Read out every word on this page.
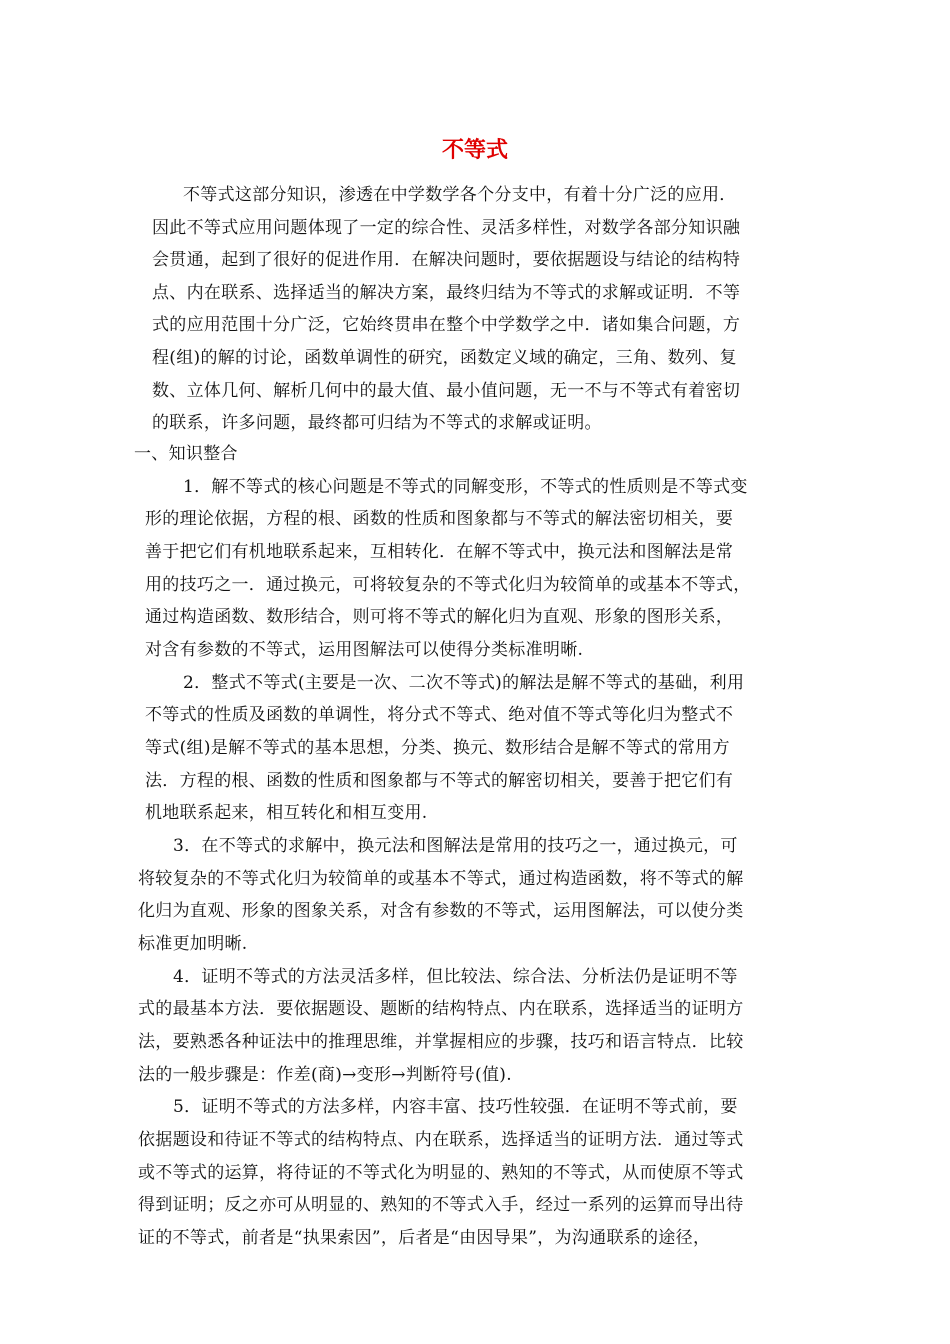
不等式
不等式这部分知识，渗透在中学数学各个分支中，有着十分广泛的应用．
因此不等式应用问题体现了一定的综合性、灵活多样性，对数学各部分知识融
会贯通，起到了很好的促进作用．在解决问题时，要依据题设与结论的结构特
点、内在联系、选择适当的解决方案，最终归结为不等式的求解或证明．不等
式的应用范围十分广泛，它始终贯串在整个中学数学之中．诸如集合问题，方
程(组)的解的讨论，函数单调性的研究，函数定义域的确定，三角、数列、复
数、立体几何、解析几何中的最大值、最小值问题，无一不与不等式有着密切
的联系，许多问题，最终都可归结为不等式的求解或证明。
一、知识整合
1．解不等式的核心问题是不等式的同解变形，不等式的性质则是不等式变
形的理论依据，方程的根、函数的性质和图象都与不等式的解法密切相关，要
善于把它们有机地联系起来，互相转化．在解不等式中，换元法和图解法是常
用的技巧之一．通过换元，可将较复杂的不等式化归为较简单的或基本不等式，
通过构造函数、数形结合，则可将不等式的解化归为直观、形象的图形关系，
对含有参数的不等式，运用图解法可以使得分类标准明晰.
2．整式不等式(主要是一次、二次不等式)的解法是解不等式的基础，利用
不等式的性质及函数的单调性，将分式不等式、绝对值不等式等化归为整式不
等式(组)是解不等式的基本思想，分类、换元、数形结合是解不等式的常用方
法．方程的根、函数的性质和图象都与不等式的解密切相关，要善于把它们有
机地联系起来，相互转化和相互变用.
3．在不等式的求解中，换元法和图解法是常用的技巧之一，通过换元，可
将较复杂的不等式化归为较简单的或基本不等式，通过构造函数，将不等式的解
化归为直观、形象的图象关系，对含有参数的不等式，运用图解法，可以使分类
标准更加明晰.
4．证明不等式的方法灵活多样，但比较法、综合法、分析法仍是证明不等
式的最基本方法．要依据题设、题断的结构特点、内在联系，选择适当的证明方
法，要熟悉各种证法中的推理思维，并掌握相应的步骤，技巧和语言特点．比较
法的一般步骤是：作差(商)→变形→判断符号(值).
5．证明不等式的方法多样，内容丰富、技巧性较强．在证明不等式前，要
依据题设和待证不等式的结构特点、内在联系，选择适当的证明方法．通过等式
或不等式的运算，将待证的不等式化为明显的、熟知的不等式，从而使原不等式
得到证明；反之亦可从明显的、熟知的不等式入手，经过一系列的运算而导出待
证的不等式，前者是“执果索因”，后者是“由因导果”，为沟通联系的途径，
